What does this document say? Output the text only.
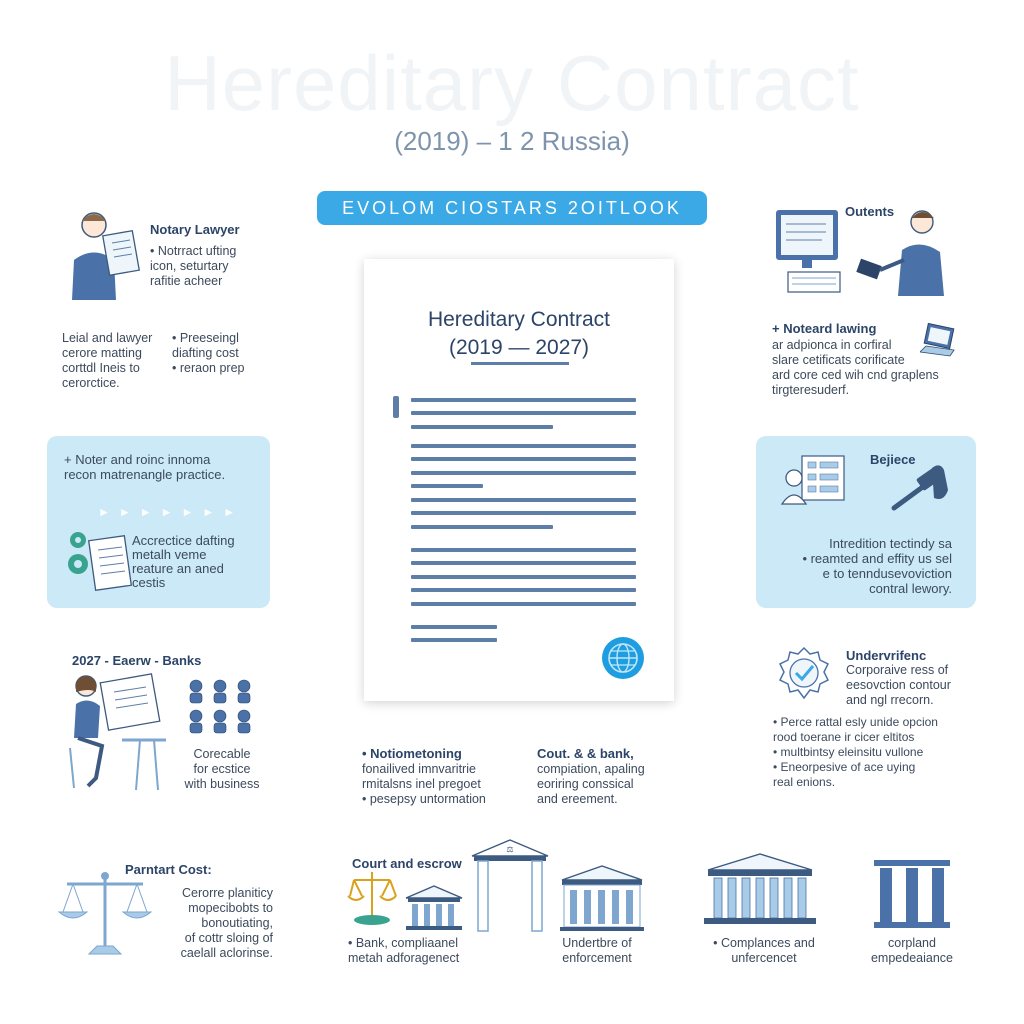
Hereditary Contract
(2019) – 1 2 Russia)
EVOLOM CIOSTARS 2OITLOOK
Hereditary Contract
(2019 — 2027)
Notary Lawyer
• Notrract ufting
icon, seturtary
rafitie acheer
Leial and lawyer
cerore matting
corttdl Ineis to
cerorctice.
• Preeseingl
diafting cost
• reraon prep
+ Noter and roinc innoma
recon matrenangle practice.
►►►►►►►
Accrectice dafting
metalh veme
reature an aned
cestis
2027 - Eaerw - Banks
Corecable
for ecstice
with business
Parntart Cost:
Cerorre planiticy
mopecibobts to
bonoutiating,
of cottr sloing of
caelall aclorinse.
Outents
+ Noteard lawing
ar adpionca in corfiral
slare cetificats corificate
ard core ced wih cnd graplens
tirgteresuderf.
Bejiece
Intredition tectindy sa
• reamted and effity us sel
e to tenndusevoviction
contral lewory.
Undervrifenc
Corporaive ress of
eesovction contour
and ngl rrecorn.
• Perce rattal esly unide opcion
rood toerane ir cicer eltitos
• multbintsy eleinsitu vullone
• Eneorpesive of ace uying
real enions.
• Notiometoning
fonailived imnvaritrie
rmitalsns inel pregoet
• pesepsy untormation
Cout. & & bank,
compiation, apaling
eoriring conssical
and ereement.
Court and escrow
⚖
• Bank, compliaanel
metah adforagenect
Undertbre of
enforcement
• Complances and
unfercencet
corpland
empedeaiance
